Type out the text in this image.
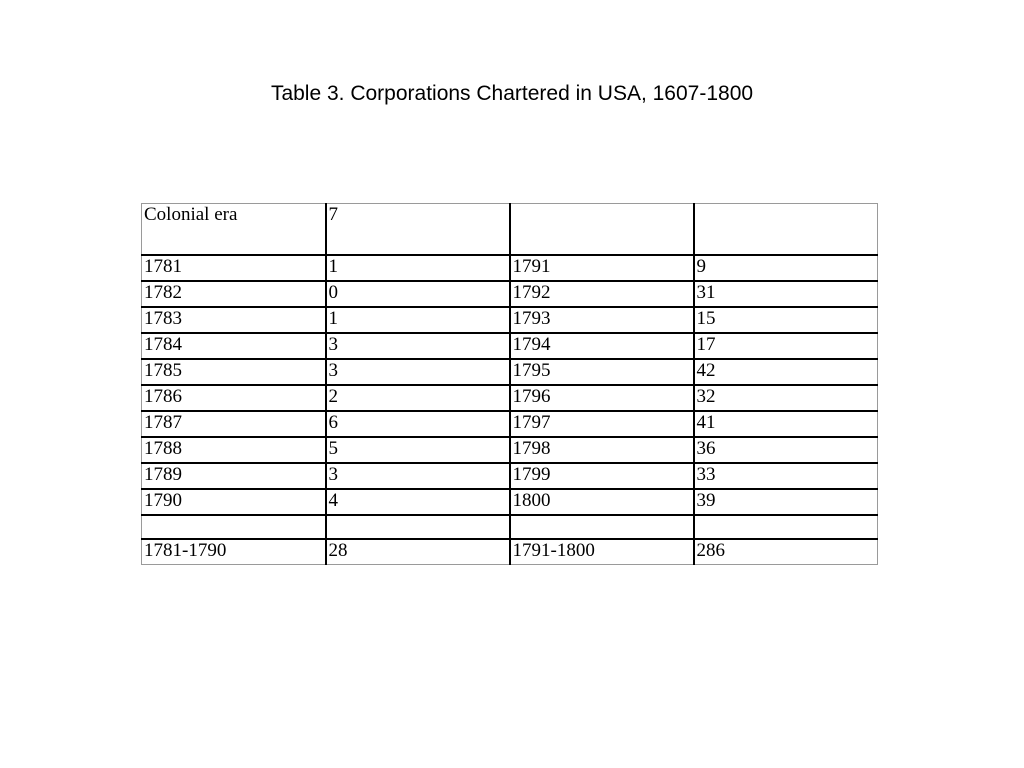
Table 3. Corporations Chartered in USA, 1607-1800
Colonial era	7		
1781	1	1791	9
1782	0	1792	31
1783	1	1793	15
1784	3	1794	17
1785	3	1795	42
1786	2	1796	32
1787	6	1797	41
1788	5	1798	36
1789	3	1799	33
1790	4	1800	39

1781-1790	28	1791-1800	286
